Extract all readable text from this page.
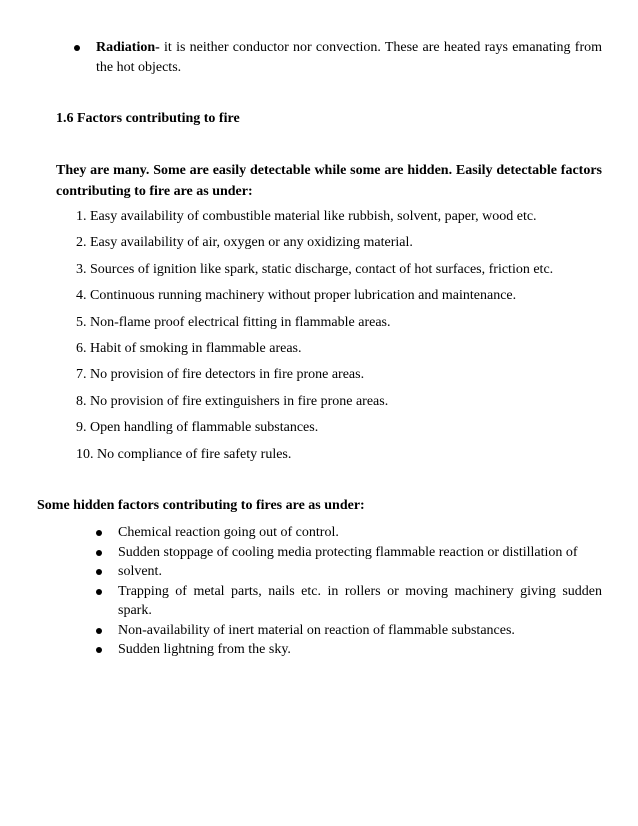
Radiation- it is neither conductor nor convection. These are heated rays emanating from the hot objects.
1.6 Factors contributing to fire
They are many. Some are easily detectable while some are hidden. Easily detectable factors contributing to fire are as under:
1. Easy availability of combustible material like rubbish, solvent, paper, wood etc.
2. Easy availability of air, oxygen or any oxidizing material.
3. Sources of ignition like spark, static discharge, contact of hot surfaces, friction etc.
4. Continuous running machinery without proper lubrication and maintenance.
5. Non-flame proof electrical fitting in flammable areas.
6. Habit of smoking in flammable areas.
7. No provision of fire detectors in fire prone areas.
8. No provision of fire extinguishers in fire prone areas.
9. Open handling of flammable substances.
10. No compliance of fire safety rules.
Some hidden factors contributing to fires are as under:
Chemical reaction going out of control.
Sudden stoppage of cooling media protecting flammable reaction or distillation of
solvent.
Trapping of metal parts, nails etc. in rollers or moving machinery giving sudden spark.
Non-availability of inert material on reaction of flammable substances.
Sudden lightning from the sky.
